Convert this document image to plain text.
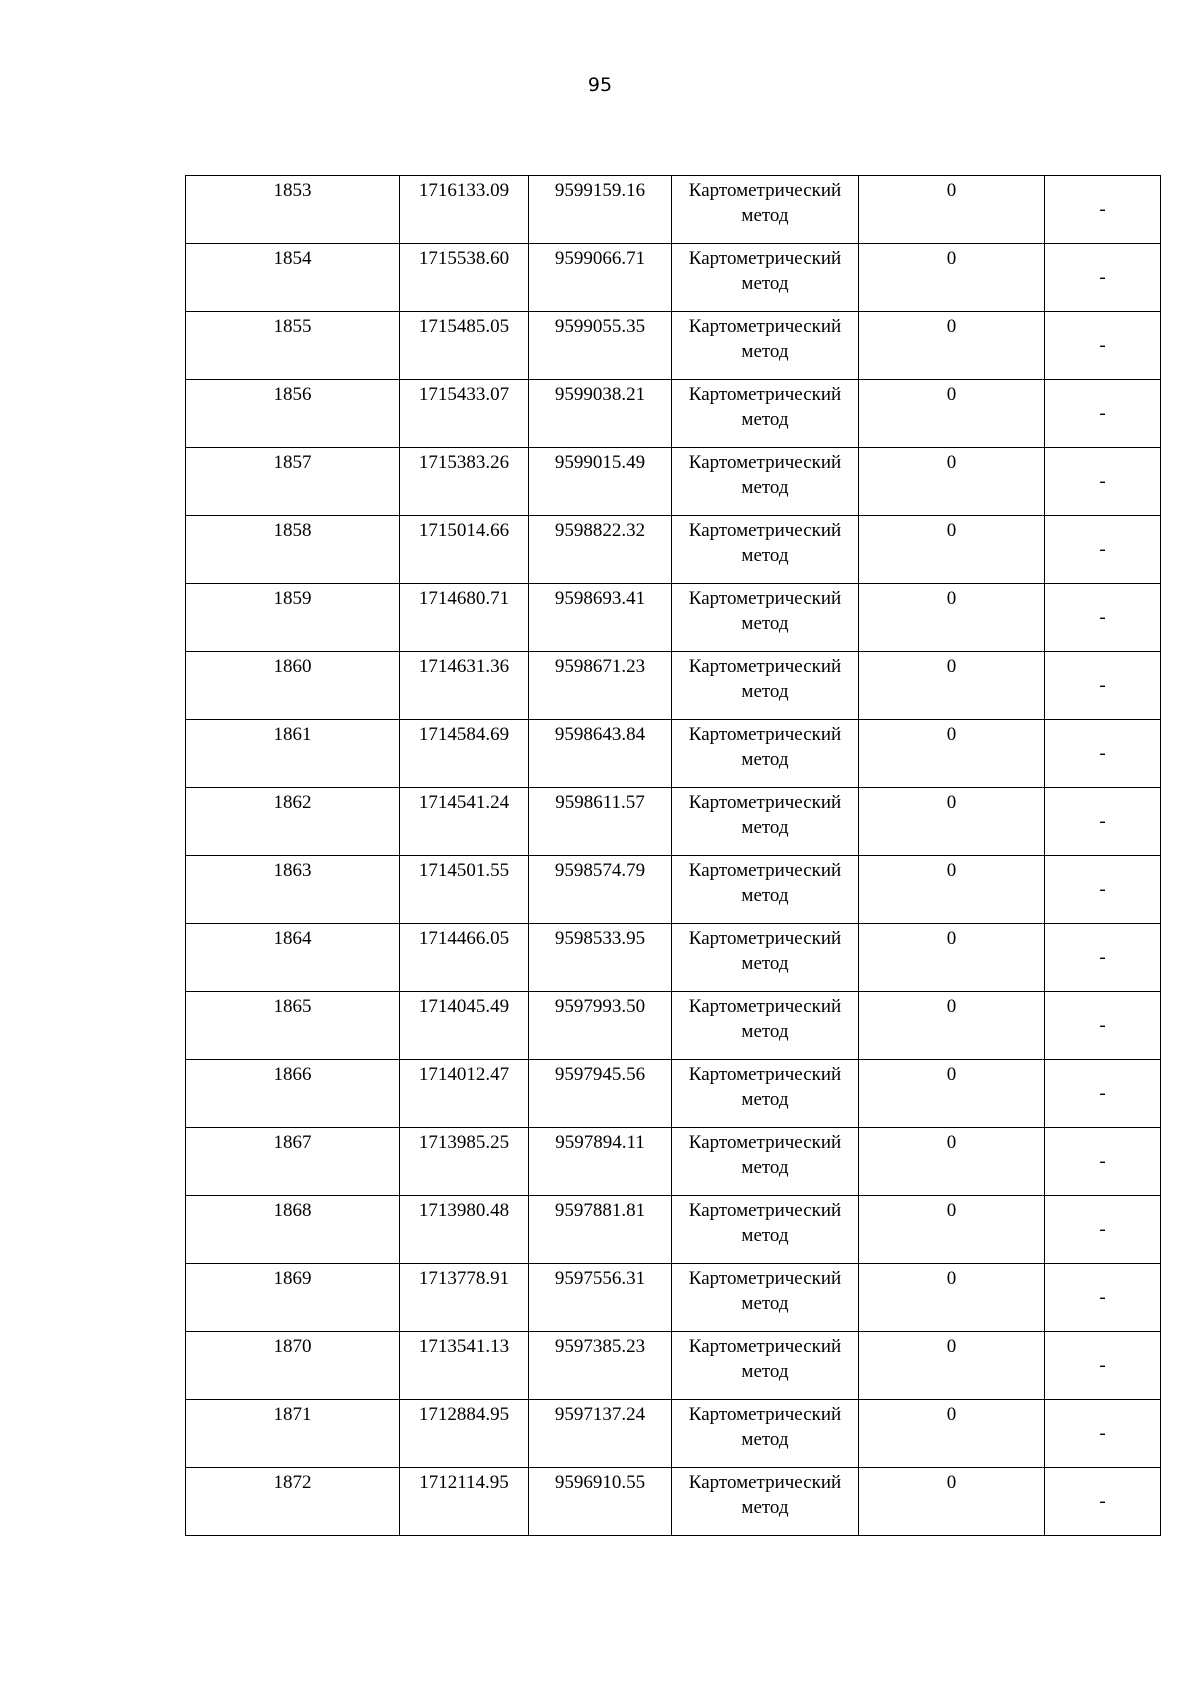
95
1853	1716133.09	9599159.16	Картометрический метод	0	-

1854	1715538.60	9599066.71	Картометрический метод	0	-

1855	1715485.05	9599055.35	Картометрический метод	0	-

1856	1715433.07	9599038.21	Картометрический метод	0	-

1857	1715383.26	9599015.49	Картометрический метод	0	-

1858	1715014.66	9598822.32	Картометрический метод	0	-

1859	1714680.71	9598693.41	Картометрический метод	0	-

1860	1714631.36	9598671.23	Картометрический метод	0	-

1861	1714584.69	9598643.84	Картометрический метод	0	-

1862	1714541.24	9598611.57	Картометрический метод	0	-

1863	1714501.55	9598574.79	Картометрический метод	0	-

1864	1714466.05	9598533.95	Картометрический метод	0	-

1865	1714045.49	9597993.50	Картометрический метод	0	-

1866	1714012.47	9597945.56	Картометрический метод	0	-

1867	1713985.25	9597894.11	Картометрический метод	0	-

1868	1713980.48	9597881.81	Картометрический метод	0	-

1869	1713778.91	9597556.31	Картометрический метод	0	-

1870	1713541.13	9597385.23	Картометрический метод	0	-

1871	1712884.95	9597137.24	Картометрический метод	0	-

1872	1712114.95	9596910.55	Картометрический метод	0	-
